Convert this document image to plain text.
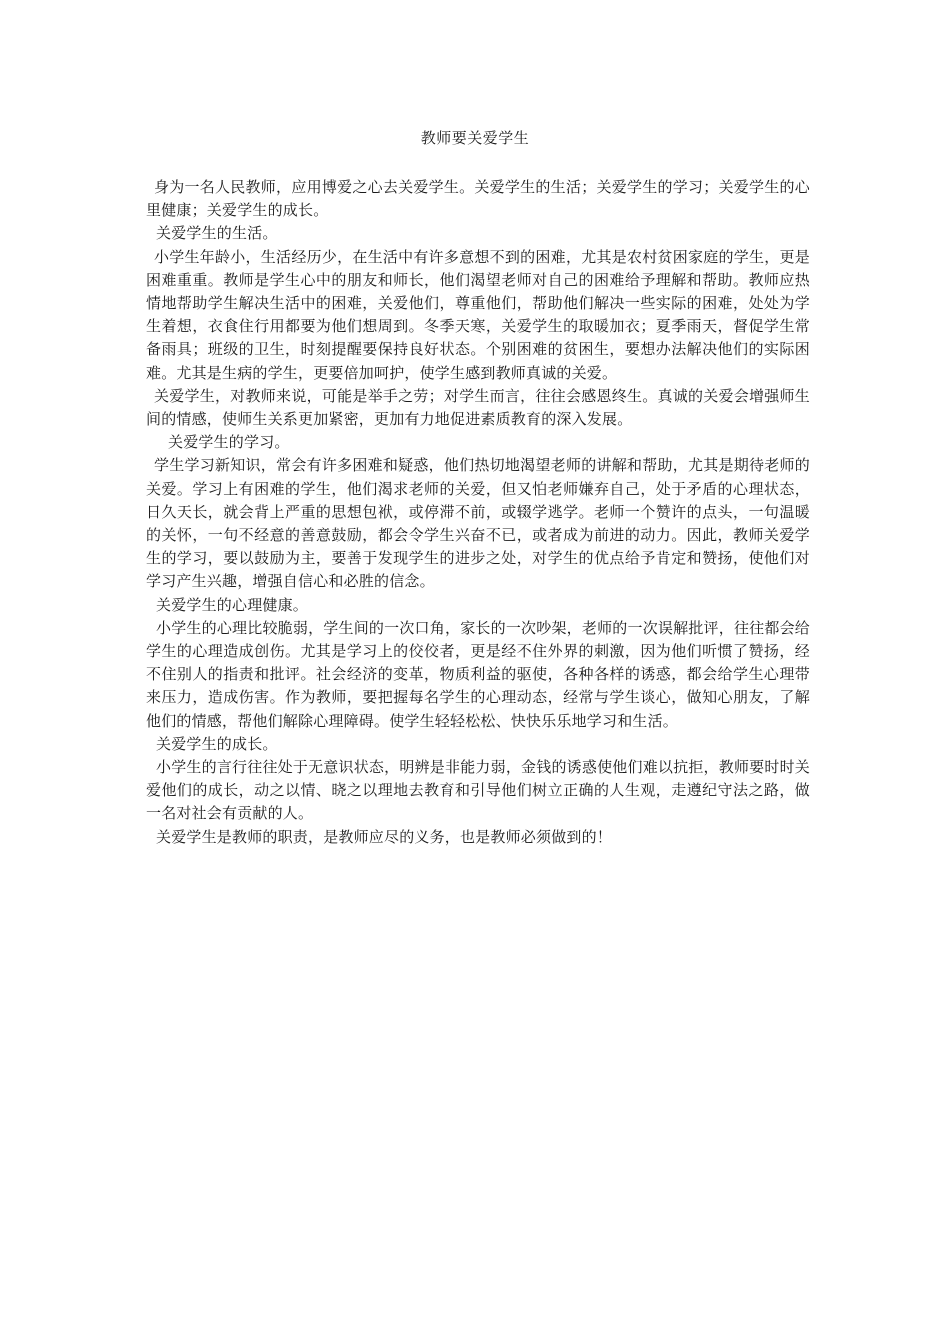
教师要关爱学生

身为一名人民教师，应用博爱之心去关爱学生。关爱学生的生活；关爱学生的学习；关爱学生的心里健康；关爱学生的成长。

关爱学生的生活。

小学生年龄小，生活经历少，在生活中有许多意想不到的困难，尤其是农村贫困家庭的学生，更是困难重重。教师是学生心中的朋友和师长，他们渴望老师对自己的困难给予理解和帮助。教师应热情地帮助学生解决生活中的困难，关爱他们，尊重他们，帮助他们解决一些实际的困难，处处为学生着想，衣食住行用都要为他们想周到。冬季天寒，关爱学生的取暖加衣；夏季雨天，督促学生常备雨具；班级的卫生，时刻提醒要保持良好状态。个别困难的贫困生，要想办法解决他们的实际困难。尤其是生病的学生，更要倍加呵护，使学生感到教师真诚的关爱。

关爱学生，对教师来说，可能是举手之劳；对学生而言，往往会感恩终生。真诚的关爱会增强师生间的情感，使师生关系更加紧密，更加有力地促进素质教育的深入发展。

关爱学生的学习。

学生学习新知识，常会有许多困难和疑惑，他们热切地渴望老师的讲解和帮助，尤其是期待老师的关爱。学习上有困难的学生，他们渴求老师的关爱，但又怕老师嫌弃自己，处于矛盾的心理状态，日久天长，就会背上严重的思想包袱，或停滞不前，或辍学逃学。老师一个赞许的点头，一句温暖的关怀，一句不经意的善意鼓励，都会令学生兴奋不已，或者成为前进的动力。因此，教师关爱学生的学习，要以鼓励为主，要善于发现学生的进步之处，对学生的优点给予肯定和赞扬，使他们对学习产生兴趣，增强自信心和必胜的信念。

关爱学生的心理健康。

小学生的心理比较脆弱，学生间的一次口角，家长的一次吵架，老师的一次误解批评，往往都会给学生的心理造成创伤。尤其是学习上的佼佼者，更是经不住外界的刺激，因为他们听惯了赞扬，经不住别人的指责和批评。社会经济的变革，物质利益的驱使，各种各样的诱惑，都会给学生心理带来压力，造成伤害。作为教师，要把握每名学生的心理动态，经常与学生谈心，做知心朋友，了解他们的情感，帮他们解除心理障碍。使学生轻轻松松、快快乐乐地学习和生活。

关爱学生的成长。

小学生的言行往往处于无意识状态，明辨是非能力弱，金钱的诱惑使他们难以抗拒，教师要时时关爱他们的成长，动之以情、晓之以理地去教育和引导他们树立正确的人生观，走遵纪守法之路，做一名对社会有贡献的人。

关爱学生是教师的职责，是教师应尽的义务，也是教师必须做到的！
